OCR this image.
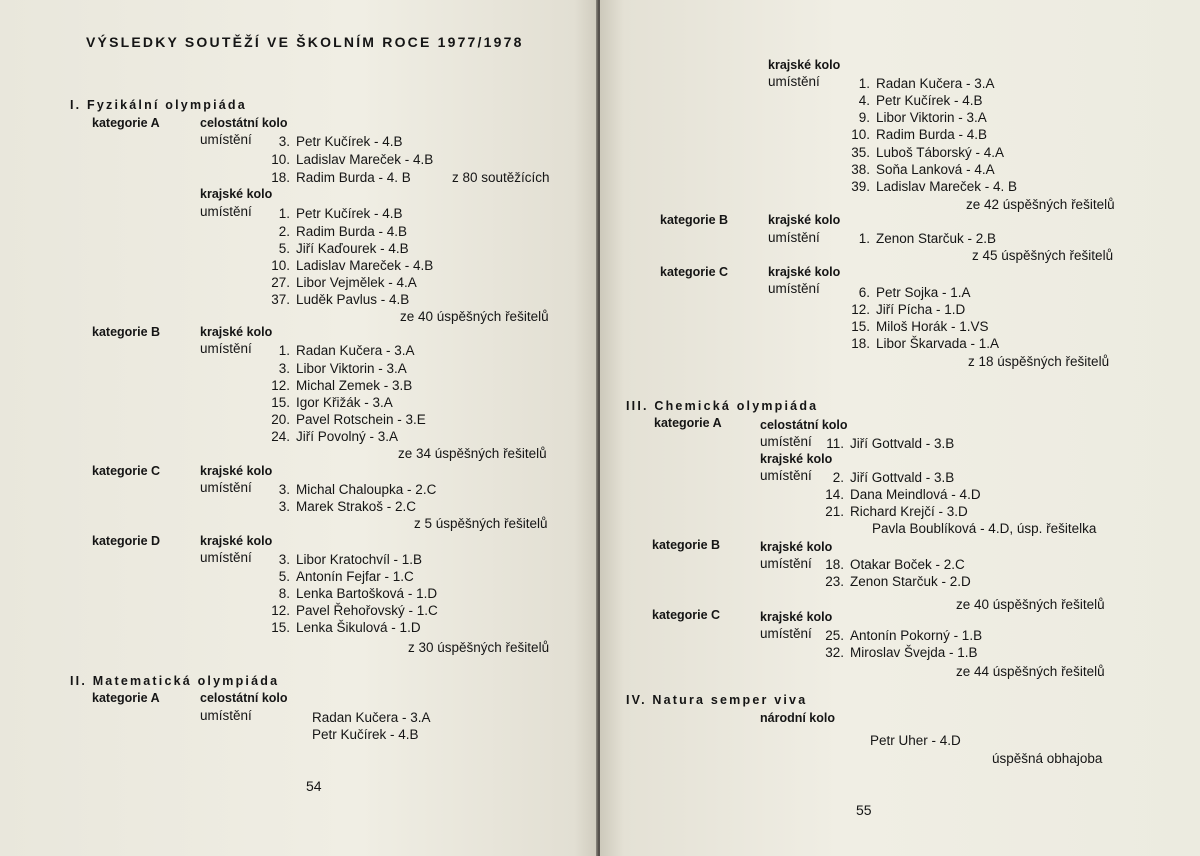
VÝSLEDKY SOUTĚŽÍ VE ŠKOLNÍM ROCE 1977/1978
I. Fyzikální olympiáda
kategorie A	celostátní kolo
umístění	3. Petr Kučírek - 4.B
10. Ladislav Mareček - 4.B
18. Radim Burda - 4. B	z 80 soutěžících
krajské kolo
umístění	1. Petr Kučírek - 4.B
2. Radim Burda - 4.B
5. Jiří Kaďourek - 4.B
10. Ladislav Mareček - 4.B
27. Libor Vejmělek - 4.A
37. Luděk Pavlus - 4.B
ze 40 úspěšných řešitelů
kategorie B	krajské kolo
umístění	1. Radan Kučera - 3.A
3. Libor Viktorin - 3.A
12. Michal Zemek - 3.B
15. Igor Křižák - 3.A
20. Pavel Rotschein - 3.E
24. Jiří Povolný - 3.A
ze 34 úspěšných řešitelů
kategorie C	krajské kolo
umístění	3. Michal Chaloupka - 2.C
3. Marek Strakoš - 2.C
z 5 úspěšných řešitelů
kategorie D	krajské kolo
umístění	3. Libor Kratochvíl - 1.B
5. Antonín Fejfar - 1.C
8. Lenka Bartošková - 1.D
12. Pavel Řehořovský - 1.C
15. Lenka Šikulová - 1.D
z 30 úspěšných řešitelů
II. Matematická olympiáda
kategorie A	celostátní kolo
umístění	Radan Kučera - 3.A
Petr Kučírek - 4.B
54
krajské kolo
umístění	1. Radan Kučera - 3.A
4. Petr Kučírek - 4.B
9. Libor Viktorin - 3.A
10. Radim Burda - 4.B
35. Luboš Táborský - 4.A
38. Soňa Lanková - 4.A
39. Ladislav Mareček - 4. B
ze 42 úspěšných řešitelů
kategorie B	krajské kolo
umístění	1. Zenon Starčuk - 2.B
z 45 úspěšných řešitelů
kategorie C	krajské kolo
umístění	6. Petr Sojka - 1.A
12. Jiří Pícha - 1.D
15. Miloš Horák - 1.VS
18. Libor Škarvada - 1.A
z 18 úspěšných řešitelů
III. Chemická olympiáda
kategorie A	celostátní kolo
umístění	11. Jiří Gottvald - 3.B
krajské kolo
umístění	2. Jiří Gottvald - 3.B
14. Dana Meindlová - 4.D
21. Richard Krejčí - 3.D
Pavla Boublíková - 4.D, úsp. řešitelka
kategorie B	krajské kolo
umístění 18. Otakar Boček - 2.C
23. Zenon Starčuk - 2.D
ze 40 úspěšných řešitelů
kategorie C	krajské kolo
umístění 25. Antonín Pokorný - 1.B
32. Miroslav Švejda - 1.B
ze 44 úspěšných řešitelů
IV. Natura semper viva
národní kolo
Petr Uher - 4.D
úspěšná obhajoba
55
